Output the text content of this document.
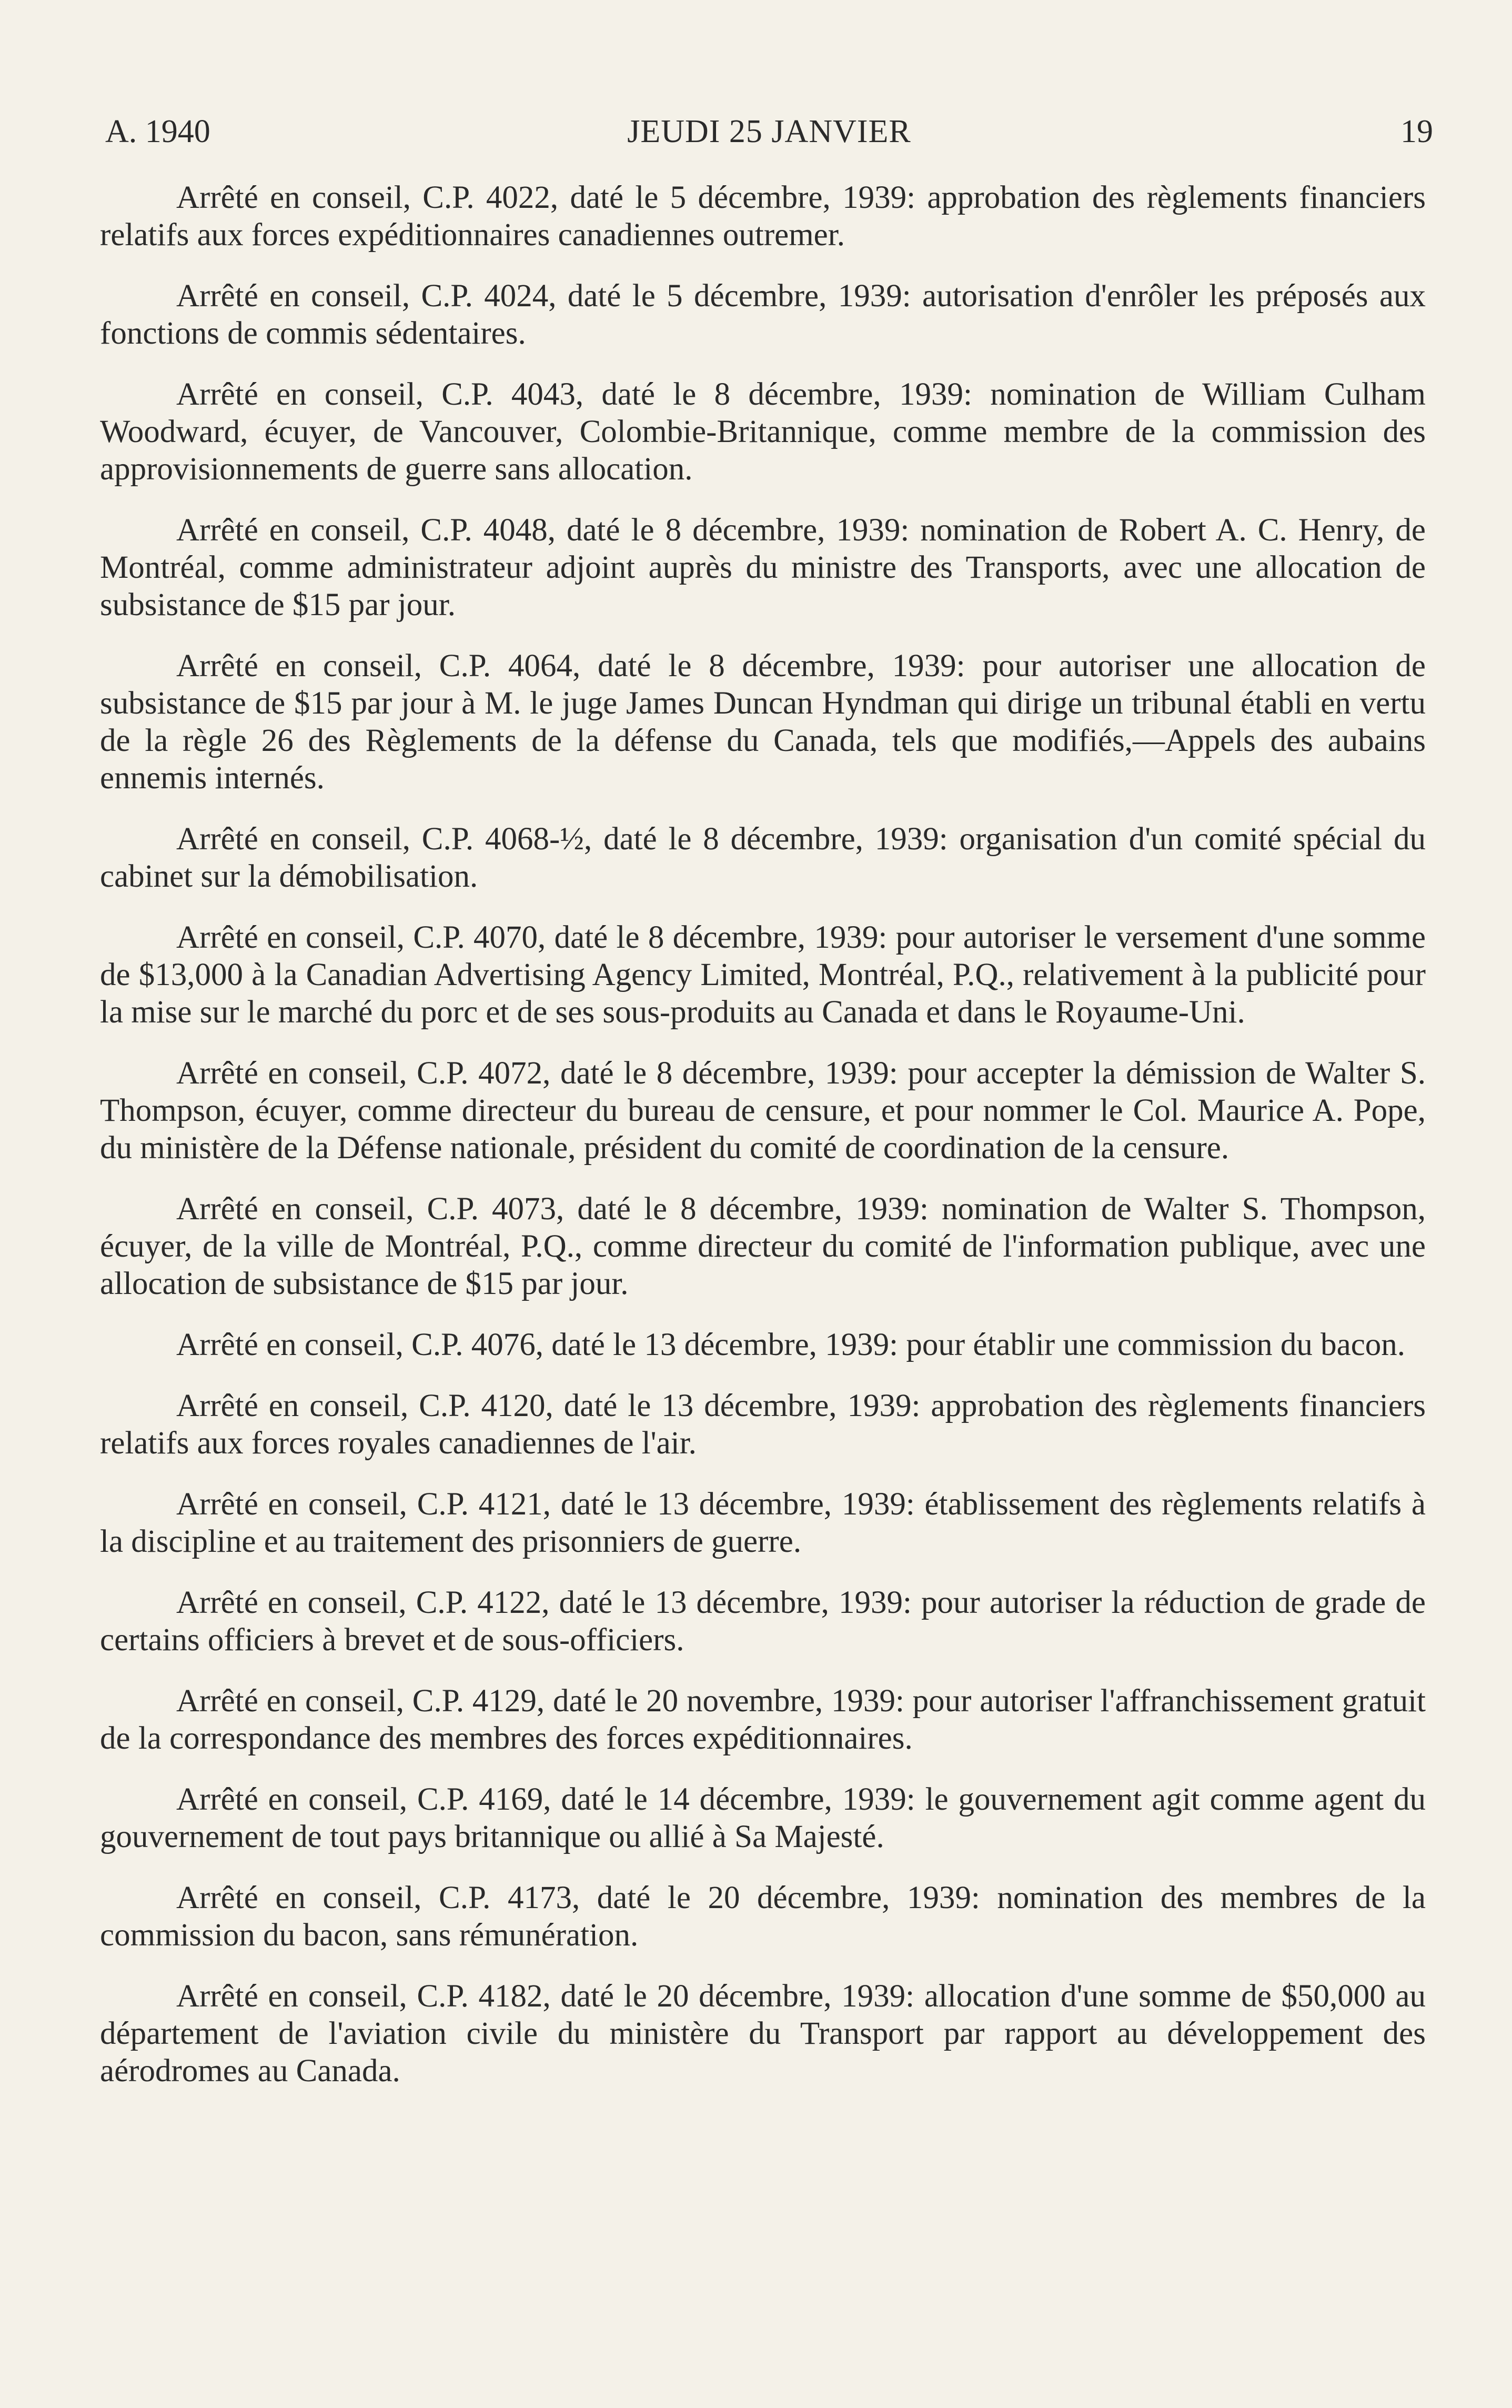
A. 1940	JEUDI 25 JANVIER	19

Arrêté en conseil, C.P. 4022, daté le 5 décembre, 1939: approbation des règlements financiers relatifs aux forces expéditionnaires canadiennes outremer.

Arrêté en conseil, C.P. 4024, daté le 5 décembre, 1939: autorisation d'enrôler les préposés aux fonctions de commis sédentaires.

Arrêté en conseil, C.P. 4043, daté le 8 décembre, 1939: nomination de William Culham Woodward, écuyer, de Vancouver, Colombie-Britannique, comme membre de la commission des approvisionnements de guerre sans allocation.

Arrêté en conseil, C.P. 4048, daté le 8 décembre, 1939: nomination de Robert A. C. Henry, de Montréal, comme administrateur adjoint auprès du ministre des Transports, avec une allocation de subsistance de $15 par jour.

Arrêté en conseil, C.P. 4064, daté le 8 décembre, 1939: pour autoriser une allocation de subsistance de $15 par jour à M. le juge James Duncan Hyndman qui dirige un tribunal établi en vertu de la règle 26 des Règlements de la défense du Canada, tels que modifiés,—Appels des aubains ennemis internés.

Arrêté en conseil, C.P. 4068-½, daté le 8 décembre, 1939: organisation d'un comité spécial du cabinet sur la démobilisation.

Arrêté en conseil, C.P. 4070, daté le 8 décembre, 1939: pour autoriser le versement d'une somme de $13,000 à la Canadian Advertising Agency Limited, Montréal, P.Q., relativement à la publicité pour la mise sur le marché du porc et de ses sous-produits au Canada et dans le Royaume-Uni.

Arrêté en conseil, C.P. 4072, daté le 8 décembre, 1939: pour accepter la démission de Walter S. Thompson, écuyer, comme directeur du bureau de censure, et pour nommer le Col. Maurice A. Pope, du ministère de la Défense nationale, président du comité de coordination de la censure.

Arrêté en conseil, C.P. 4073, daté le 8 décembre, 1939: nomination de Walter S. Thompson, écuyer, de la ville de Montréal, P.Q., comme directeur du comité de l'information publique, avec une allocation de subsistance de $15 par jour.

Arrêté en conseil, C.P. 4076, daté le 13 décembre, 1939: pour établir une commission du bacon.

Arrêté en conseil, C.P. 4120, daté le 13 décembre, 1939: approbation des règlements financiers relatifs aux forces royales canadiennes de l'air.

Arrêté en conseil, C.P. 4121, daté le 13 décembre, 1939: établissement des règlements relatifs à la discipline et au traitement des prisonniers de guerre.

Arrêté en conseil, C.P. 4122, daté le 13 décembre, 1939: pour autoriser la réduction de grade de certains officiers à brevet et de sous-officiers.

Arrêté en conseil, C.P. 4129, daté le 20 novembre, 1939: pour autoriser l'affranchissement gratuit de la correspondance des membres des forces expéditionnaires.

Arrêté en conseil, C.P. 4169, daté le 14 décembre, 1939: le gouvernement agit comme agent du gouvernement de tout pays britannique ou allié à Sa Majesté.

Arrêté en conseil, C.P. 4173, daté le 20 décembre, 1939: nomination des membres de la commission du bacon, sans rémunération.

Arrêté en conseil, C.P. 4182, daté le 20 décembre, 1939: allocation d'une somme de $50,000 au département de l'aviation civile du ministère du Transport par rapport au développement des aérodromes au Canada.
